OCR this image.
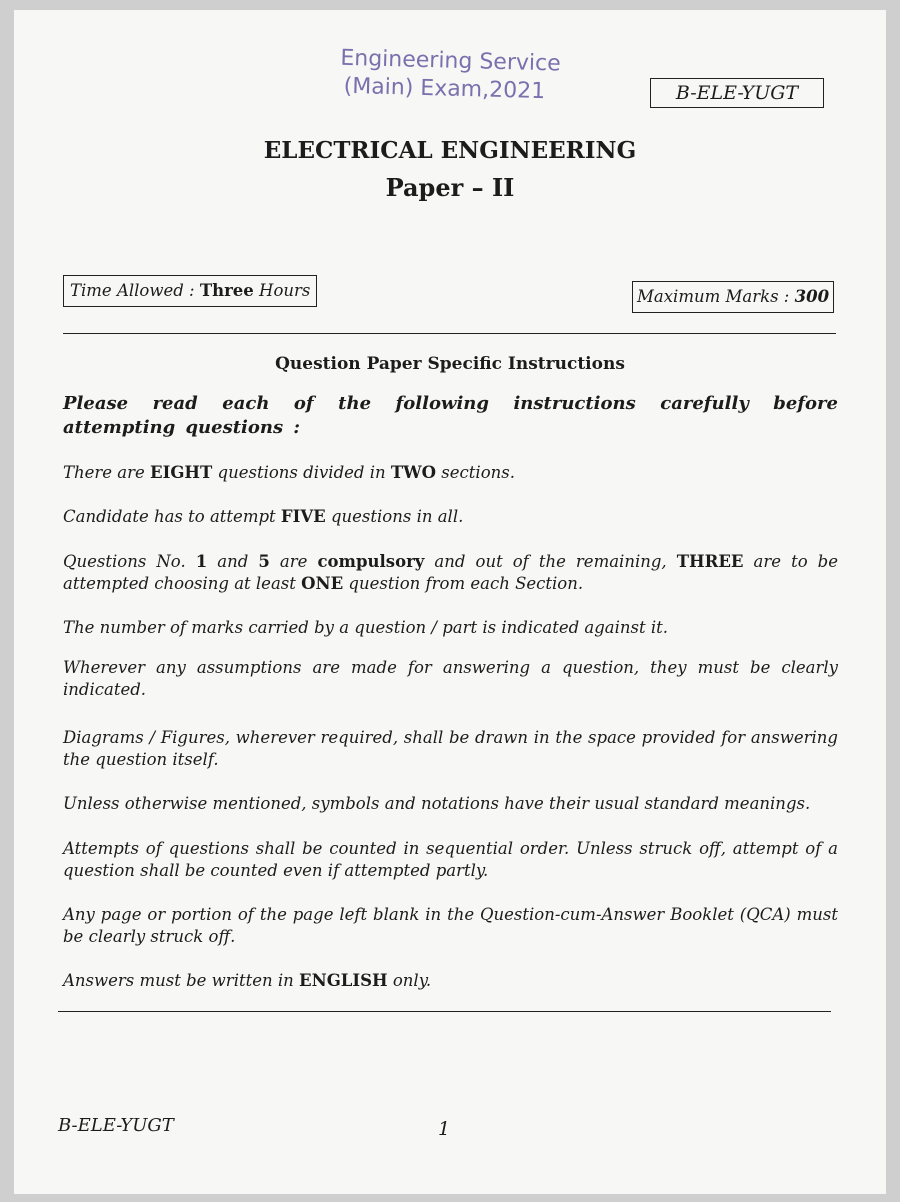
Engineering Service
(Main) Exam,2021	B-ELE-YUGT
ELECTRICAL ENGINEERING
Paper – II
Time Allowed : Three Hours	Maximum Marks : 300
Question Paper Specific Instructions
Please read each of the following instructions carefully before attempting questions :
There are EIGHT questions divided in TWO sections.
Candidate has to attempt FIVE questions in all.
Questions No. 1 and 5 are compulsory and out of the remaining, THREE are to be attempted choosing at least ONE question from each Section.
The number of marks carried by a question / part is indicated against it.
Wherever any assumptions are made for answering a question, they must be clearly indicated.
Diagrams / Figures, wherever required, shall be drawn in the space provided for answering the question itself.
Unless otherwise mentioned, symbols and notations have their usual standard meanings.
Attempts of questions shall be counted in sequential order. Unless struck off, attempt of a question shall be counted even if attempted partly.
Any page or portion of the page left blank in the Question-cum-Answer Booklet (QCA) must be clearly struck off.
Answers must be written in ENGLISH only.
B-ELE-YUGT	1
